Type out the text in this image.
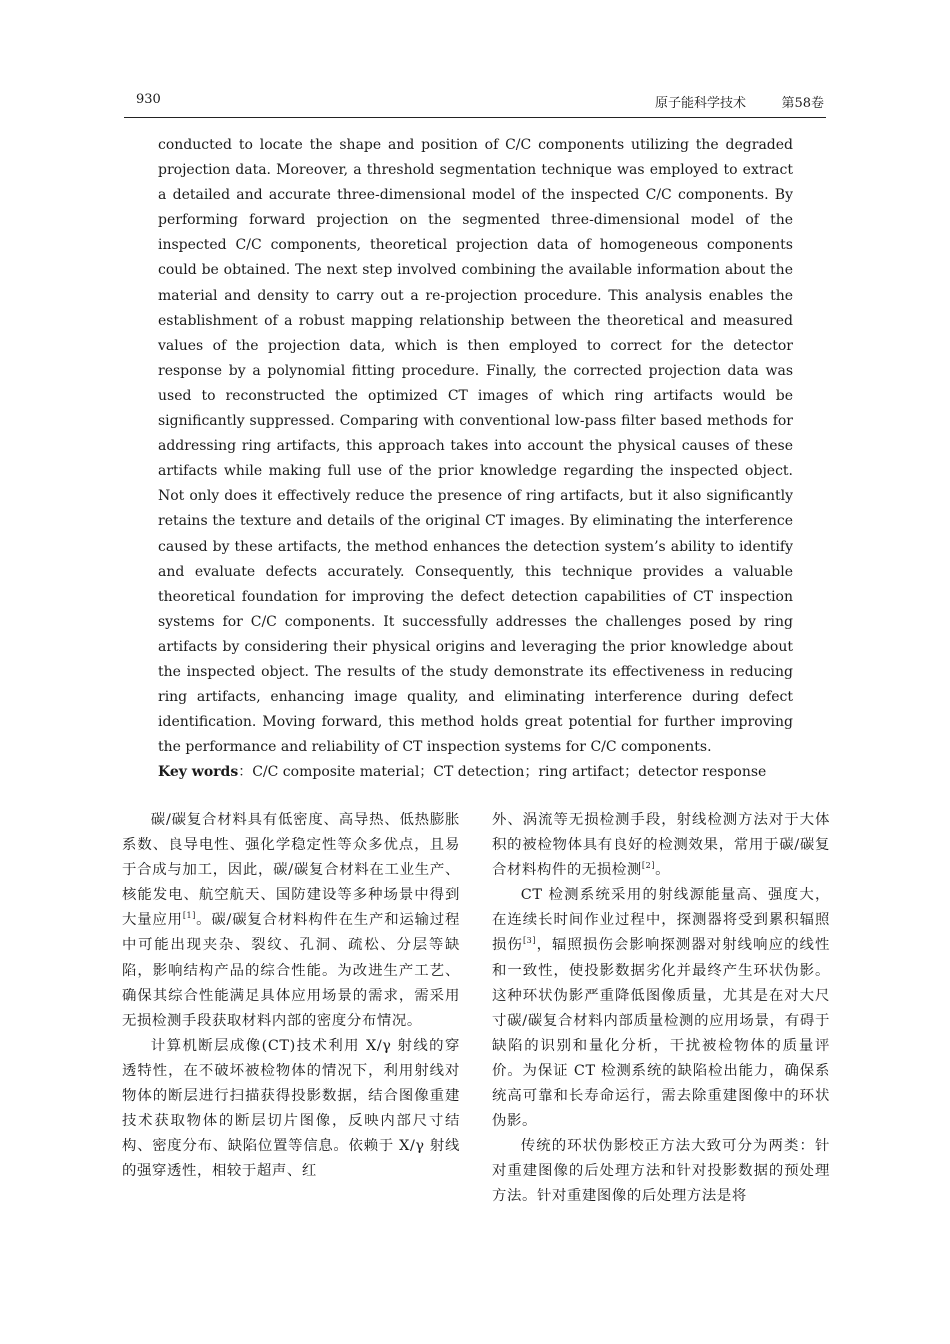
930	原子能科学技术	第58卷

conducted to locate the shape and position of C/C components utilizing the degraded projection data. Moreover, a threshold segmentation technique was employed to extract a detailed and accurate three-dimensional model of the inspected C/C components. By performing forward projection on the segmented three-dimensional model of the inspected C/C components, theoretical projection data of homogeneous components could be obtained. The next step involved combining the available information about the material and density to carry out a re-projection procedure. This analysis enables the establishment of a robust mapping relationship between the theoretical and measured values of the projection data, which is then employed to correct for the detector response by a polynomial fitting procedure. Finally, the corrected projection data was used to reconstructed the optimized CT images of which ring artifacts would be significantly suppressed. Comparing with conventional low-pass filter based methods for addressing ring artifacts, this approach takes into account the physical causes of these artifacts while making full use of the prior knowledge regarding the inspected object. Not only does it effectively reduce the presence of ring artifacts, but it also significantly retains the texture and details of the original CT images. By eliminating the interference caused by these artifacts, the method enhances the detection system’s ability to identify and evaluate defects accurately. Consequently, this technique provides a valuable theoretical foundation for improving the defect detection capabilities of CT inspection systems for C/C components. It successfully addresses the challenges posed by ring artifacts by considering their physical origins and leveraging the prior knowledge about the inspected object. The results of the study demonstrate its effectiveness in reducing ring artifacts, enhancing image quality, and eliminating interference during defect identification. Moving forward, this method holds great potential for further improving the performance and reliability of CT inspection systems for C/C components.

Key words：C/C composite material；CT detection；ring artifact；detector response

碳/碳复合材料具有低密度、高导热、低热膨胀系数、良导电性、强化学稳定性等众多优点，且易于合成与加工，因此，碳/碳复合材料在工业生产、核能发电、航空航天、国防建设等多种场景中得到大量应用[1]。碳/碳复合材料构件在生产和运输过程中可能出现夹杂、裂纹、孔洞、疏松、分层等缺陷，影响结构产品的综合性能。为改进生产工艺、确保其综合性能满足具体应用场景的需求，需采用无损检测手段获取材料内部的密度分布情况。

计算机断层成像(CT)技术利用 X/γ 射线的穿透特性，在不破坏被检物体的情况下，利用射线对物体的断层进行扫描获得投影数据，结合图像重建技术获取物体的断层切片图像，反映内部尺寸结构、密度分布、缺陷位置等信息。依赖于 X/γ 射线的强穿透性，相较于超声、红

外、涡流等无损检测手段，射线检测方法对于大体积的被检物体具有良好的检测效果，常用于碳/碳复合材料构件的无损检测[2]。

CT 检测系统采用的射线源能量高、强度大，在连续长时间作业过程中，探测器将受到累积辐照损伤[3]，辐照损伤会影响探测器对射线响应的线性和一致性，使投影数据劣化并最终产生环状伪影。这种环状伪影严重降低图像质量，尤其是在对大尺寸碳/碳复合材料内部质量检测的应用场景，有碍于缺陷的识别和量化分析，干扰被检物体的质量评价。为保证 CT 检测系统的缺陷检出能力，确保系统高可靠和长寿命运行，需去除重建图像中的环状伪影。

传统的环状伪影校正方法大致可分为两类：针对重建图像的后处理方法和针对投影数据的预处理方法。针对重建图像的后处理方法是将
